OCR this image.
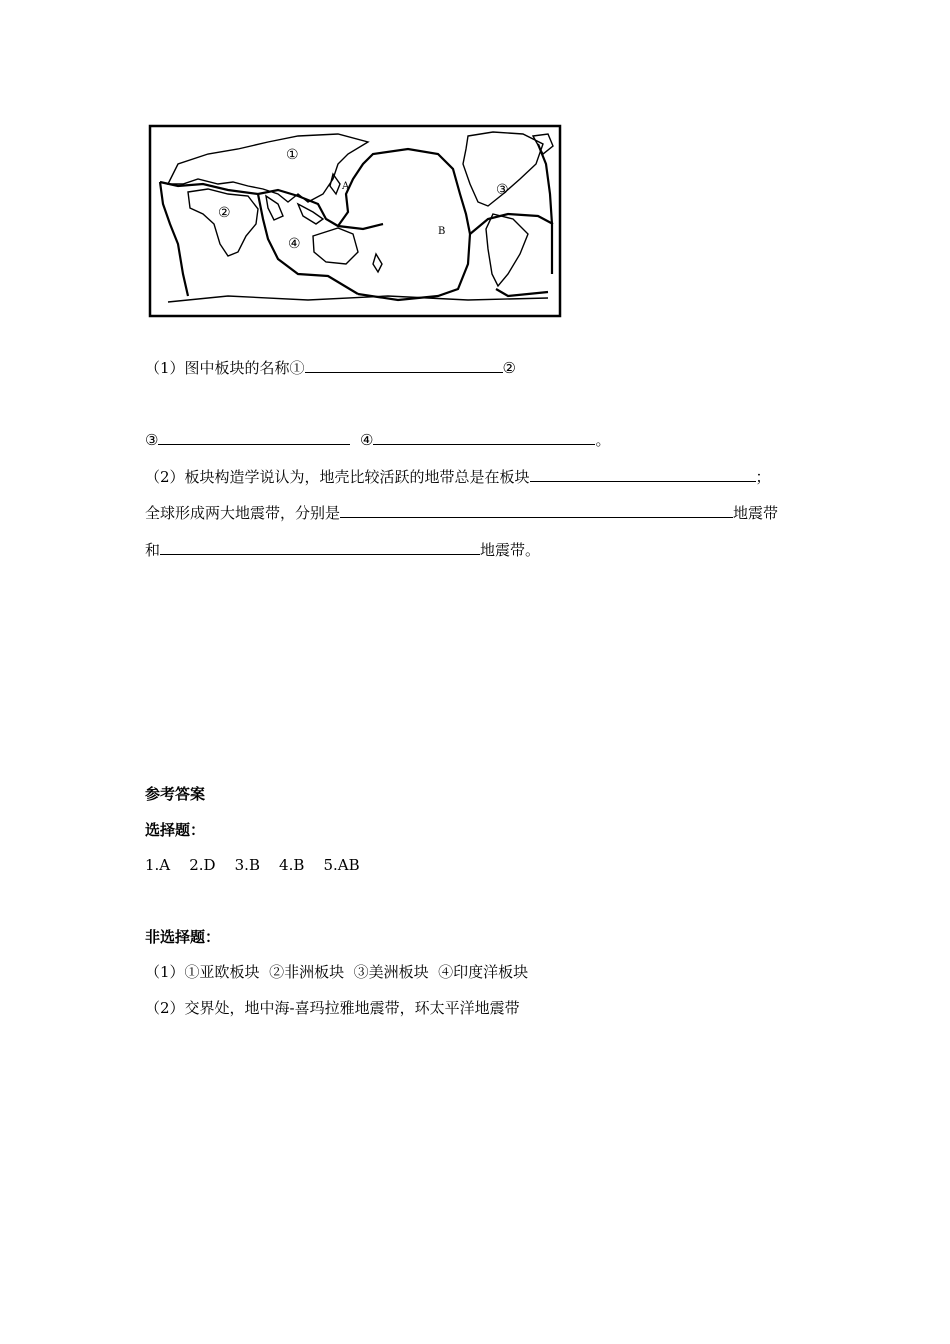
①
②
③
④
A
B
（1）图中板块的名称①	②
③	④	。
（2）板块构造学说认为，地壳比较活跃的地带总是在板块	；
全球形成两大地震带，分别是	地震带
和	地震带。
参考答案
选择题：
1.A    2.D    3.B    4.B    5.AB
非选择题：
（1）①亚欧板块  ②非洲板块  ③美洲板块  ④印度洋板块
（2）交界处，地中海-喜玛拉雅地震带，环太平洋地震带
